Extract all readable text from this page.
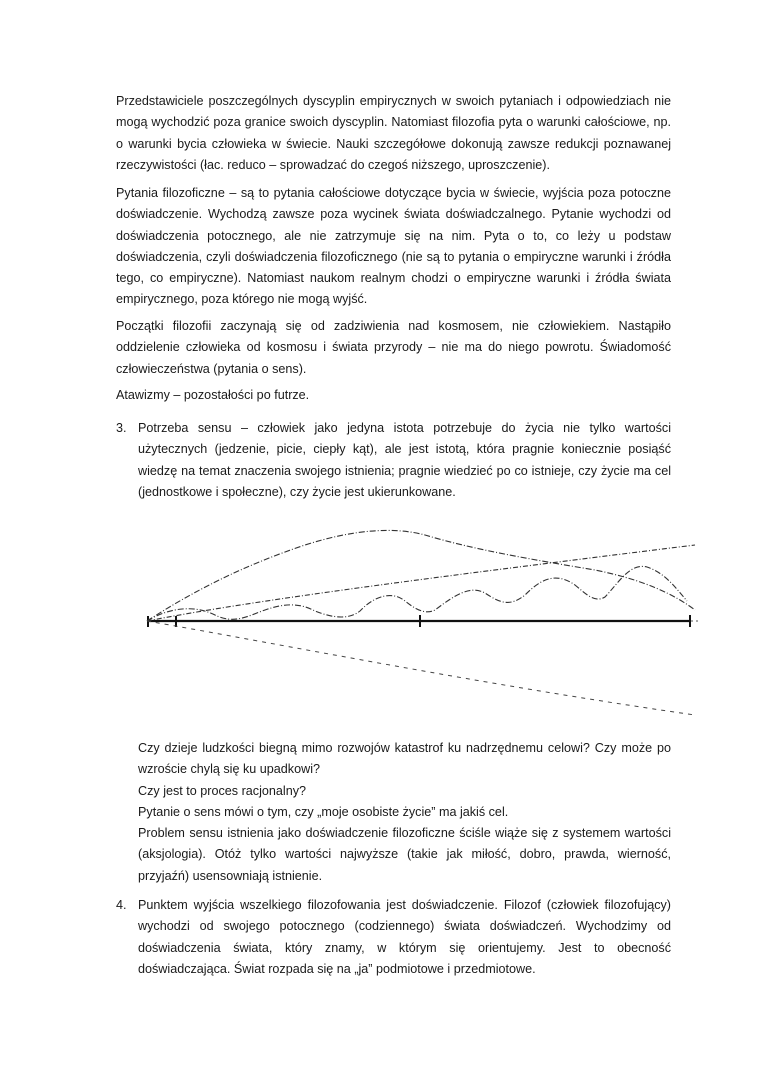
Przedstawiciele poszczególnych dyscyplin empirycznych w swoich pytaniach i odpowiedziach nie mogą wychodzić poza granice swoich dyscyplin. Natomiast filozofia pyta o warunki całościowe, np. o warunki bycia człowieka w świecie. Nauki szczegółowe dokonują zawsze redukcji poznawanej rzeczywistości (łac. reduco – sprowadzać do czegoś niższego, uproszczenie).

Pytania filozoficzne – są to pytania całościowe dotyczące bycia w świecie, wyjścia poza potoczne doświadczenie. Wychodzą zawsze poza wycinek świata doświadczalnego. Pytanie wychodzi od doświadczenia potocznego, ale nie zatrzymuje się na nim. Pyta o to, co leży u podstaw doświadczenia, czyli doświadczenia filozoficznego (nie są to pytania o empiryczne warunki i źródła tego, co empiryczne). Natomiast naukom realnym chodzi o empiryczne warunki i źródła świata empirycznego, poza którego nie mogą wyjść.

Początki filozofii zaczynają się od zadziwienia nad kosmosem, nie człowiekiem. Nastąpiło oddzielenie człowieka od kosmosu i świata przyrody – nie ma do niego powrotu. Świadomość człowieczeństwa (pytania o sens).

Atawizmy – pozostałości po futrze.

3. Potrzeba sensu – człowiek jako jedyna istota potrzebuje do życia nie tylko wartości użytecznych (jedzenie, picie, ciepły kąt), ale jest istotą, która pragnie koniecznie posiąść wiedzę na temat znaczenia swojego istnienia; pragnie wiedzieć po co istnieje, czy życie ma cel (jednostkowe i społeczne), czy życie jest ukierunkowane.
Czy dzieje ludzkości biegną mimo rozwojów katastrof ku nadrzędnemu celowi? Czy może po wzroście chylą się ku upadkowi?
Czy jest to proces racjonalny?
Pytanie o sens mówi o tym, czy „moje osobiste życie” ma jakiś cel.
Problem sensu istnienia jako doświadczenie filozoficzne ściśle wiąże się z systemem wartości (aksjologia). Otóż tylko wartości najwyższe (takie jak miłość, dobro, prawda, wierność, przyjaźń) usensowniają istnienie.
4. Punktem wyjścia wszelkiego filozofowania jest doświadczenie. Filozof (człowiek filozofujący) wychodzi od swojego potocznego (codziennego) świata doświadczeń. Wychodzimy od doświadczenia świata, który znamy, w którym się orientujemy. Jest to obecność doświadczająca. Świat rozpada się na „ja” podmiotowe i przedmiotowe.
